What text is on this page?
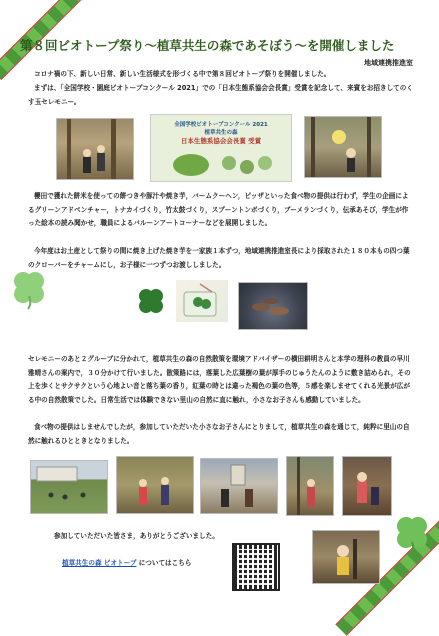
第８回ビオトープ祭り～植草共生の森であそぼう～を開催しました
地域連携推進室

コロナ禍の下、新しい日常、新しい生活様式を形づくる中で第８回ビオトープ祭りを開催しました。

まずは、「全国学校・園庭ビオトープコンクール 2021」での「日本生態系協会会長賞」受賞を記念して、来賓をお招きしてのくす玉セレモニー。

全国学校ビオトープコンクール 2021
植草共生の森
日本生態系協会会長賞 受賞

櫻田で獲れた餅米を使っての餅つきや豚汁や焼き芋，バームクーヘン，ピッザといった食べ物の提供は行わず，学生の企画によるグリーンアドベンチャー，トナカイづくり，竹太鼓づくり，スプーントンボづくり，ブーメランづくり，伝承あそび，学生が作った絵本の読み聞かせ，職員によるバルーンアートコーナーなどを展開しました。

今年度はお土産として祭りの間に焼き上げた焼き芋を一家族１本ずつ，地域連携推進室長により採取された１８０本もの四つ葉のクローバーをチャームにし，お子様に一つずつお渡ししました。

セレモニーのあと２グループに分かれて，植草共生の森の自然散策を環境アドバイザーの横田耕明さんと本学の理科の教員の早川雅晴さんの案内で，３０分かけて行いました。散策路には，落葉した広葉樹の葉が厚手のじゅうたんのように敷き詰められ，その上を歩くとサクサクという心地よい音と落ち葉の香り，紅葉の時とは違った褐色の葉の色等，５感を楽しませてくれる光景が広がる中の自然散策でした。日常生活では体験できない里山の自然に直に触れ，小さなお子さんも感動していました。

食べ物の提供はしませんでしたが，参加していただいた小さなお子さんにとりまして，植草共生の森を通じて，純粋に里山の自然に触れるひとときとなりました。

参加していただいた皆さま，ありがとうございました。
植草共生の森 ビオトープ についてはこちら
